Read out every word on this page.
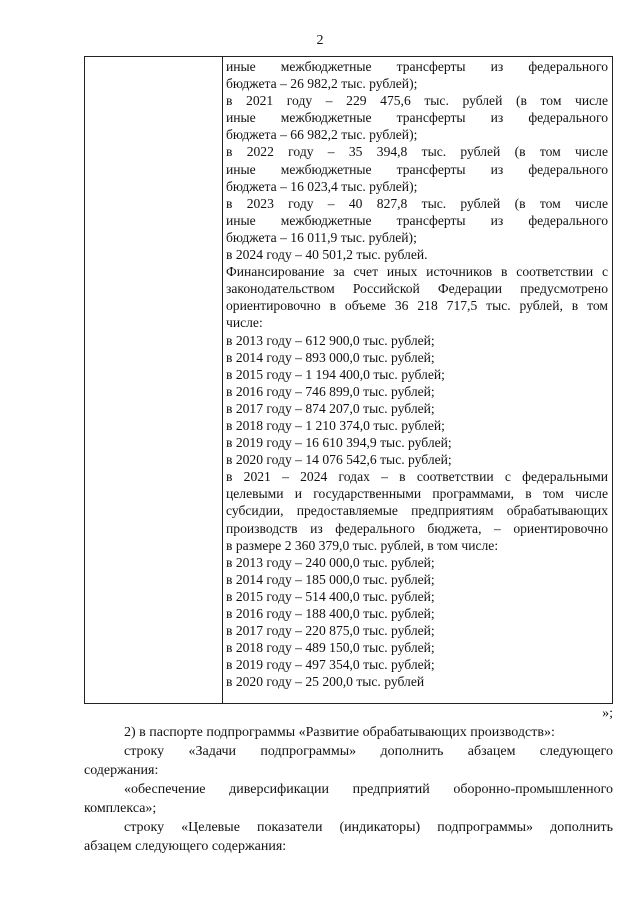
2
иные межбюджетные трансферты из федерального
бюджета – 26 982,2 тыс. рублей);
в 2021 году – 229 475,6 тыс. рублей (в том числе
иные межбюджетные трансферты из федерального
бюджета – 66 982,2 тыс. рублей);
в 2022 году – 35 394,8 тыс. рублей (в том числе
иные межбюджетные трансферты из федерального
бюджета – 16 023,4 тыс. рублей);
в 2023 году – 40 827,8 тыс. рублей (в том числе
иные межбюджетные трансферты из федерального
бюджета – 16 011,9 тыс. рублей);
в 2024 году – 40 501,2 тыс. рублей.
Финансирование за счет иных источников в соответствии с
законодательством Российской Федерации предусмотрено
ориентировочно в объеме 36 218 717,5 тыс. рублей, в том
числе:
в 2013 году – 612 900,0 тыс. рублей;
в 2014 году – 893 000,0 тыс. рублей;
в 2015 году – 1 194 400,0 тыс. рублей;
в 2016 году – 746 899,0 тыс. рублей;
в 2017 году – 874 207,0 тыс. рублей;
в 2018 году – 1 210 374,0 тыс. рублей;
в 2019 году – 16 610 394,9 тыс. рублей;
в 2020 году – 14 076 542,6 тыс. рублей;
в 2021 – 2024 годах – в соответствии с федеральными
целевыми и государственными программами, в том числе
субсидии, предоставляемые предприятиям обрабатывающих
производств из федерального бюджета, – ориентировочно
в размере 2 360 379,0 тыс. рублей, в том числе:
в 2013 году – 240 000,0 тыс. рублей;
в 2014 году – 185 000,0 тыс. рублей;
в 2015 году – 514 400,0 тыс. рублей;
в 2016 году – 188 400,0 тыс. рублей;
в 2017 году – 220 875,0 тыс. рублей;
в 2018 году – 489 150,0 тыс. рублей;
в 2019 году – 497 354,0 тыс. рублей;
в 2020 году – 25 200,0 тыс. рублей
»;
2) в паспорте подпрограммы «Развитие обрабатывающих производств»:
строку «Задачи подпрограммы» дополнить абзацем следующего
содержания:
«обеспечение диверсификации предприятий оборонно-промышленного
комплекса»;
строку «Целевые показатели (индикаторы) подпрограммы» дополнить
абзацем следующего содержания:
